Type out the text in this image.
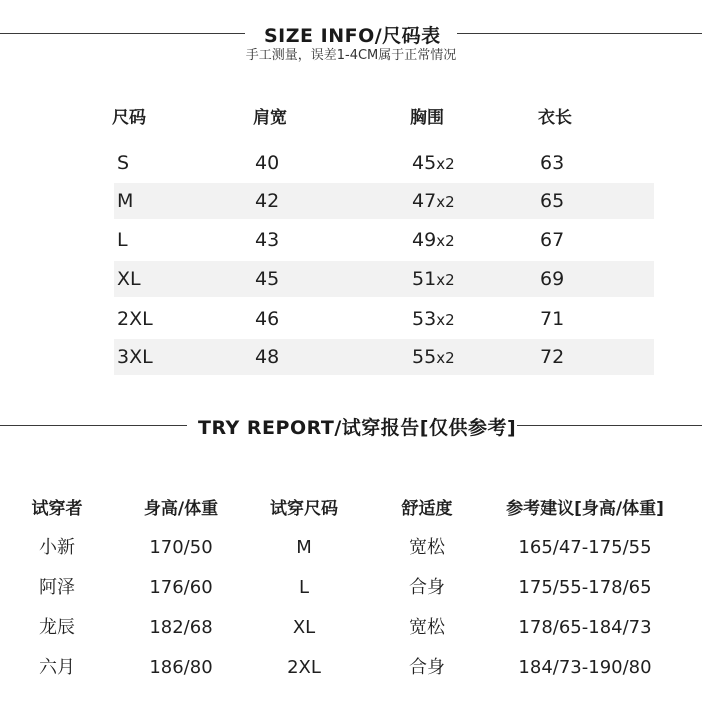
SIZE INFO/尺码表
手工测量，误差1-4CM属于正常情况
尺码	肩宽	胸围	衣长
S	40	45x2	63
M	42	47x2	65
L	43	49x2	67
XL	45	51x2	69
2XL	46	53x2	71
3XL	48	55x2	72
TRY REPORT/试穿报告[仅供参考]
试穿者	身高/体重	试穿尺码	舒适度	参考建议[身高/体重]
小新	170/50	M	宽松	165/47-175/55
阿泽	176/60	L	合身	175/55-178/65
龙辰	182/68	XL	宽松	178/65-184/73
六月	186/80	2XL	合身	184/73-190/80
